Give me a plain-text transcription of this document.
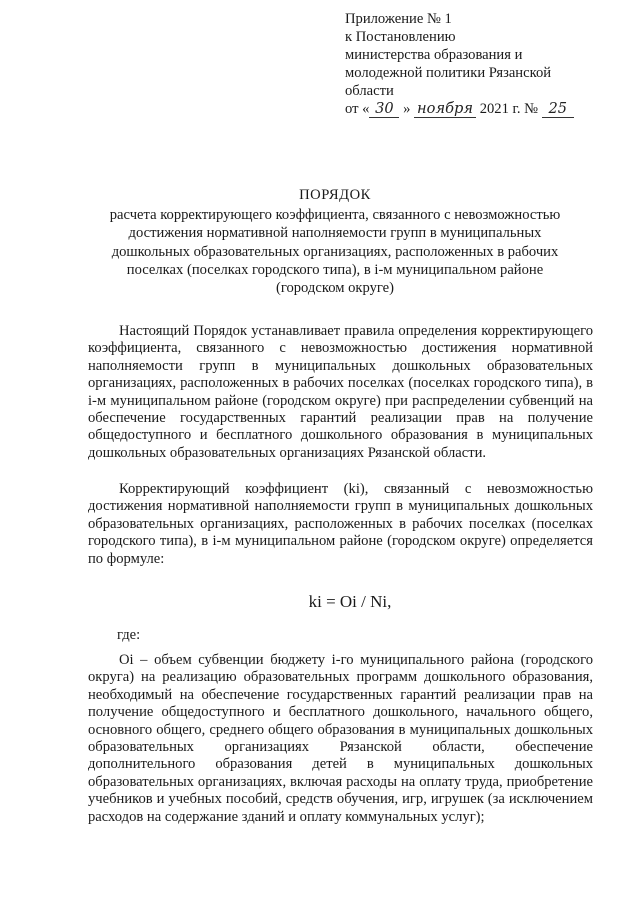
Приложение № 1
к Постановлению
министерства образования и
молодежной политики Рязанской
области
от « 30 » ноября 2021 г. № 25
ПОРЯДОК
расчета корректирующего коэффициента, связанного с невозможностью
достижения нормативной наполняемости групп в муниципальных
дошкольных образовательных организациях, расположенных в рабочих
поселках (поселках городского типа), в i-м муниципальном районе
(городском округе)

Настоящий Порядок устанавливает правила определения корректирующего коэффициента, связанного с невозможностью достижения нормативной наполняемости групп в муниципальных дошкольных образовательных организациях, расположенных в рабочих поселках (поселках городского типа), в i-м муниципальном районе (городском округе) при распределении субвенций на обеспечение государственных гарантий реализации прав на получение общедоступного и бесплатного дошкольного образования в муниципальных дошкольных образовательных организациях Рязанской области.

Корректирующий коэффициент (ki), связанный с невозможностью достижения нормативной наполняемости групп в муниципальных дошкольных образовательных организациях, расположенных в рабочих поселках (поселках городского типа), в i-м муниципальном районе (городском округе) определяется по формуле:

ki = Oi / Ni,
где:

Oi – объем субвенции бюджету i-го муниципального района (городского округа) на реализацию образовательных программ дошкольного образования, необходимый на обеспечение государственных гарантий реализации прав на получение общедоступного и бесплатного дошкольного, начального общего, основного общего, среднего общего образования в муниципальных дошкольных образовательных организациях Рязанской области, обеспечение дополнительного образования детей в муниципальных дошкольных образовательных организациях, включая расходы на оплату труда, приобретение учебников и учебных пособий, средств обучения, игр, игрушек (за исключением расходов на содержание зданий и оплату коммунальных услуг);
